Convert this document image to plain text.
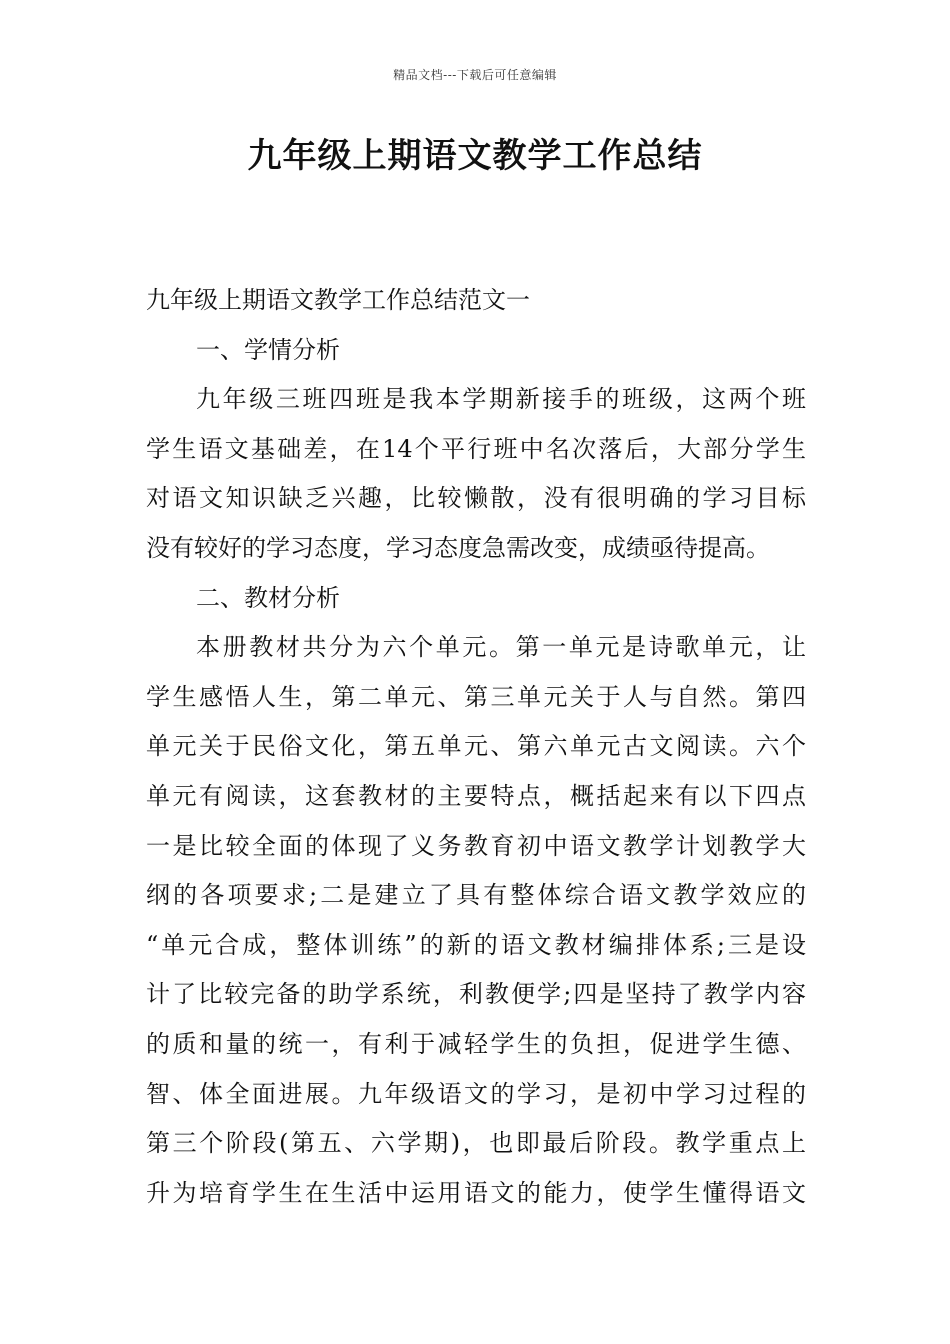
精品文档---下载后可任意编辑
九年级上期语文教学工作总结
九年级上期语文教学工作总结范文一
一、学情分析
九年级三班四班是我本学期新接手的班级，这两个班
学生语文基础差，在14个平行班中名次落后，大部分学生
对语文知识缺乏兴趣，比较懒散，没有很明确的学习目标
没有较好的学习态度，学习态度急需改变，成绩亟待提高。
二、教材分析
本册教材共分为六个单元。第一单元是诗歌单元，让
学生感悟人生，第二单元、第三单元关于人与自然。第四
单元关于民俗文化，第五单元、第六单元古文阅读。六个
单元有阅读，这套教材的主要特点，概括起来有以下四点
一是比较全面的体现了义务教育初中语文教学计划教学大
纲的各项要求;二是建立了具有整体综合语文教学效应的
“单元合成，整体训练”的新的语文教材编排体系;三是设
计了比较完备的助学系统，利教便学;四是坚持了教学内容
的质和量的统一，有利于减轻学生的负担，促进学生德、
智、体全面进展。九年级语文的学习，是初中学习过程的
第三个阶段(第五、六学期)，也即最后阶段。教学重点上
升为培育学生在生活中运用语文的能力，使学生懂得语文
